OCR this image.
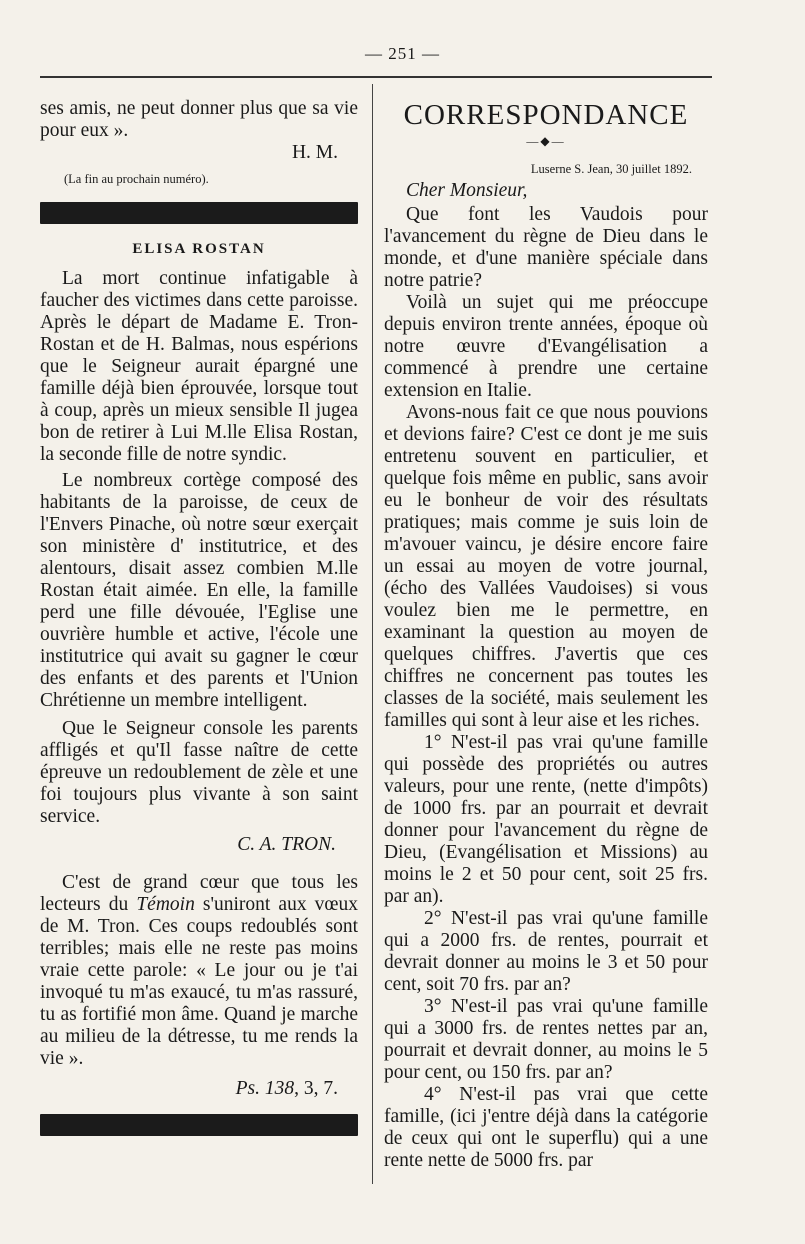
— 251 —

ses amis, ne peut donner plus que sa vie pour eux ».

H. M.

(La fin au prochain numéro).

ELISA ROSTAN

La mort continue infatigable à faucher des victimes dans cette paroisse. Après le départ de Madame E. Tron-Rostan et de H. Balmas, nous espérions que le Seigneur aurait épargné une famille déjà bien éprouvée, lorsque tout à coup, après un mieux sensible Il jugea bon de retirer à Lui M.lle Elisa Rostan, la seconde fille de notre syndic.

Le nombreux cortège composé des habitants de la paroisse, de ceux de l'Envers Pinache, où notre sœur exerçait son ministère d' institutrice, et des alentours, disait assez combien M.lle Rostan était aimée. En elle, la famille perd une fille dévouée, l'Eglise une ouvrière humble et active, l'école une institutrice qui avait su gagner le cœur des enfants et des parents et l'Union Chrétienne un membre intelligent.

Que le Seigneur console les parents affligés et qu'Il fasse naître de cette épreuve un redoublement de zèle et une foi toujours plus vivante à son saint service.

C. A. TRON.

C'est de grand cœur que tous les lecteurs du Témoin s'uniront aux vœux de M. Tron. Ces coups redoublés sont terribles; mais elle ne reste pas moins vraie cette parole: « Le jour ou je t'ai invoqué tu m'as exaucé, tu m'as rassuré, tu as fortifié mon âme. Quand je marche au milieu de la détresse, tu me rends la vie ».

Ps. 138, 3, 7.

CORRESPONDANCE
—◆—
Luserne S. Jean, 30 juillet 1892.
Cher Monsieur,

Que font les Vaudois pour l'avancement du règne de Dieu dans le monde, et d'une manière spéciale dans notre patrie?

Voilà un sujet qui me préoccupe depuis environ trente années, époque où notre œuvre d'Evangélisation a commencé à prendre une certaine extension en Italie.

Avons-nous fait ce que nous pouvions et devions faire? C'est ce dont je me suis entretenu souvent en particulier, et quelque fois même en public, sans avoir eu le bonheur de voir des résultats pratiques; mais comme je suis loin de m'avouer vaincu, je désire encore faire un essai au moyen de votre journal, (écho des Vallées Vaudoises) si vous voulez bien me le permettre, en examinant la question au moyen de quelques chiffres. J'avertis que ces chiffres ne concernent pas toutes les classes de la société, mais seulement les familles qui sont à leur aise et les riches.

1° N'est-il pas vrai qu'une famille qui possède des propriétés ou autres valeurs, pour une rente, (nette d'impôts) de 1000 frs. par an pourrait et devrait donner pour l'avancement du règne de Dieu, (Evangélisation et Missions) au moins le 2 et 50 pour cent, soit 25 frs. par an).

2° N'est-il pas vrai qu'une famille qui a 2000 frs. de rentes, pourrait et devrait donner au moins le 3 et 50 pour cent, soit 70 frs. par an?

3° N'est-il pas vrai qu'une famille qui a 3000 frs. de rentes nettes par an, pourrait et devrait donner, au moins le 5 pour cent, ou 150 frs. par an?

4° N'est-il pas vrai que cette famille, (ici j'entre déjà dans la catégorie de ceux qui ont le superflu) qui a une rente nette de 5000 frs. par
